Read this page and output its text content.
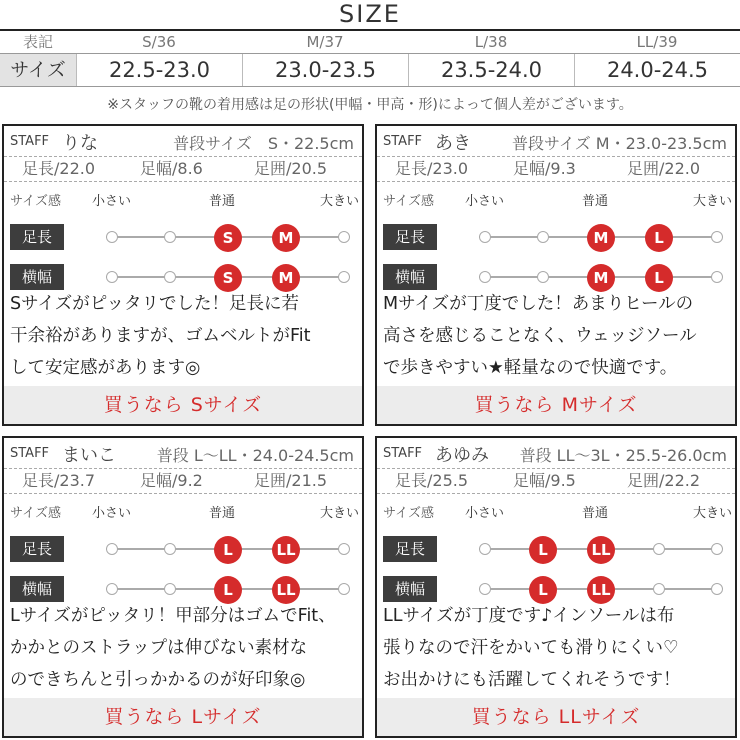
SIZE
表記	S/36	M/37	L/38	LL/39
サイズ	22.5-23.0	23.0-23.5	23.5-24.0	24.0-24.5
※スタッフの靴の着用感は足の形状(甲幅・甲高・形)によって個人差がございます。
STAFF りな	普段サイズ　S・22.5cm
足長/22.0	足幅/8.6	足囲/20.5
サイズ感 小さい	普通	大きい
足長	S	M
横幅	S	M
Sサイズがピッタリでした！足長に若
干余裕がありますが、ゴムベルトがFit
して安定感があります◎
買うなら Sサイズ
STAFF あき	普段サイズ M・23.0-23.5cm
足長/23.0	足幅/9.3	足囲/22.0
サイズ感 小さい	普通	大きい
足長	M	L
横幅	M	L
Mサイズが丁度でした！あまりヒールの
高さを感じることなく、ウェッジソール
で歩きやすい★軽量なので快適です。
買うなら Mサイズ
STAFF まいこ	普段 L〜LL・24.0-24.5cm
足長/23.7	足幅/9.2	足囲/21.5
サイズ感 小さい	普通	大きい
足長	L	LL
横幅	L	LL
Lサイズがピッタリ！甲部分はゴムでFit、
かかとのストラップは伸びない素材な
のできちんと引っかかるのが好印象◎
買うなら Lサイズ
STAFF あゆみ 普段 LL〜3L・25.5-26.0cm
足長/25.5	足幅/9.5	足囲/22.2
サイズ感 小さい	普通	大きい
足長	L	LL
横幅	L	LL
LLサイズが丁度です♪インソールは布
張りなので汗をかいても滑りにくい♡
お出かけにも活躍してくれそうです！
買うなら LLサイズ
